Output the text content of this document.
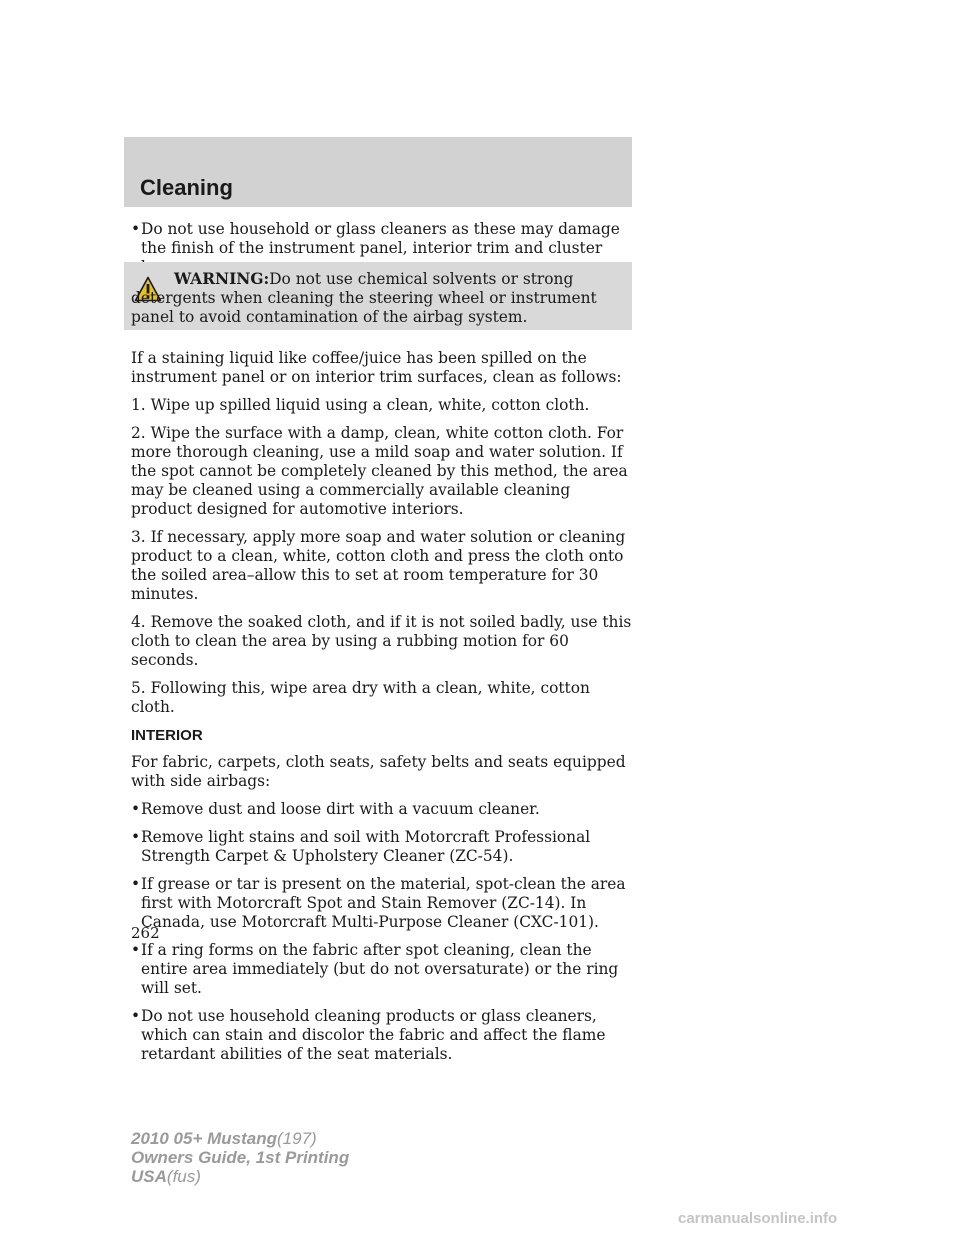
Cleaning
• Do not use household or glass cleaners as these may damage the finish of the instrument panel, interior trim and cluster
If a staining liquid like coffee/juice has been spilled on the instrument panel or on interior trim surfaces, clean as follows:
1. Wipe up spilled liquid using a clean, white, cotton cloth.
2. Wipe the surface with a damp, clean, white cotton cloth. For more thorough cleaning, use a mild soap and water solution. If the spot cannot be completely cleaned by this method, the area may be cleaned using a commercially available cleaning product designed for automotive interiors.
3. If necessary, apply more soap and water solution or cleaning product to a clean, white, cotton cloth and press the cloth onto the soiled area–allow this to set at room temperature for 30 minutes.
4. Remove the soaked cloth, and if it is not soiled badly, use this cloth to clean the area by using a rubbing motion for 60 seconds.
5. Following this, wipe area dry with a clean, white, cotton cloth.
INTERIOR
For fabric, carpets, cloth seats, safety belts and seats equipped with side airbags:
• Remove dust and loose dirt with a vacuum cleaner.
• Remove light stains and soil with Motorcraft Professional Strength Carpet & Upholstery Cleaner (ZC-54).
• If grease or tar is present on the material, spot-clean the area first with Motorcraft Spot and Stain Remover (ZC-14). In Canada, use Motorcraft Multi-Purpose Cleaner (CXC-101).
• If a ring forms on the fabric after spot cleaning, clean the entire area immediately (but do not oversaturate) or the ring will set.
• Do not use household cleaning products or glass cleaners, which can stain and discolor the fabric and affect the flame retardant abilities of the seat materials.
WARNING:Do not use chemical solvents or strong detergents when cleaning the steering wheel or instrument panel to avoid contamination of the airbag system.
262
2010 05+ Mustang(197)
Owners Guide, 1st Printing
USA(fus)
carmanualsonline.info
